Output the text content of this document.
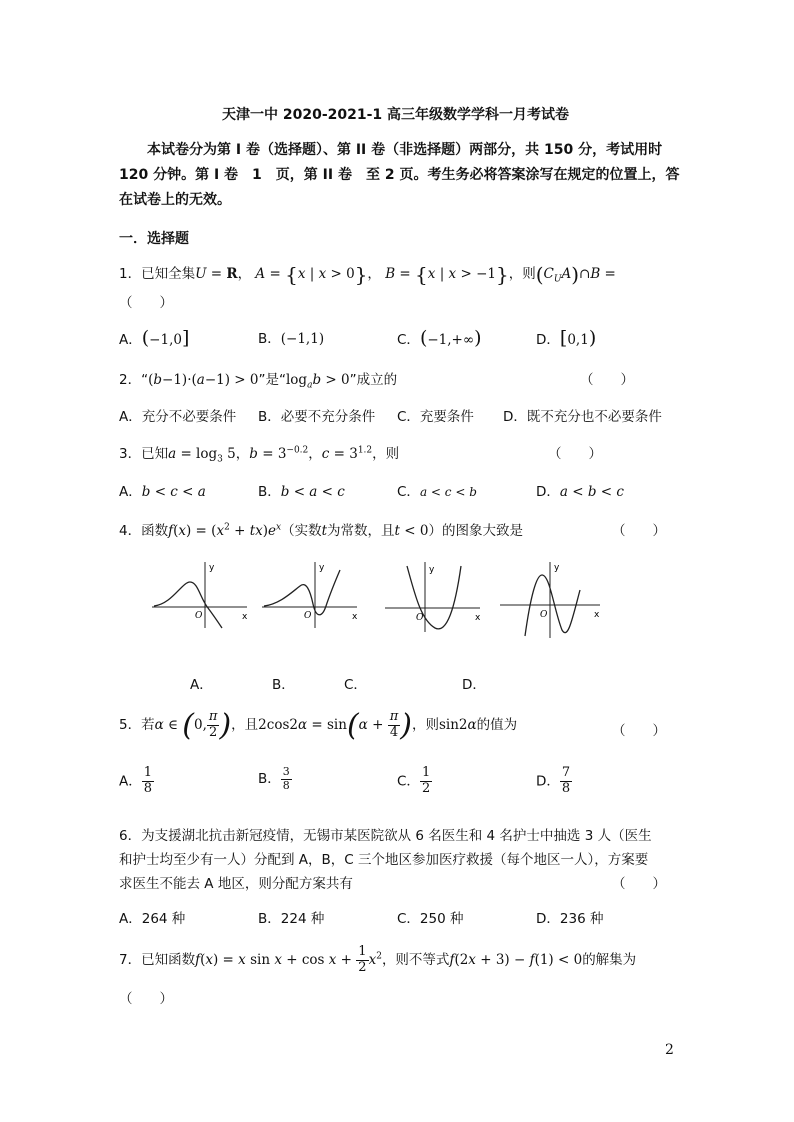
天津一中 2020-2021-1 高三年级数学学科一月考试卷
本试卷分为第 I 卷（选择题）、第 II 卷（非选择题）两部分，共 150 分，考试用时
120 分钟。第 I 卷　1　页，第 II 卷　至 2 页。考生务必将答案涂写在规定的位置上，答
在试卷上的无效。
一．选择题
1．已知全集U = R， A = {x | x > 0}， B = {x | x > −1}，则$(C_UA)\cap B$ =
（　　）
A．(−1,0]	B．(−1,1)	C．(−1,+∞)	D．[0,1)
2．“(b−1)·(a−1) > 0”是“$\log_ab > 0$”成立的	（　　）
A．充分不必要条件 B．必要不充分条件 C．充要条件 D．既不充分也不必要条件
3．已知$a = \log_3 5$，$b = 3^{-0.2}$，$c = 3^{1.2}$，则	（　　）
A．b < c < a	B．b < a < c	C．a < c < b	D．a < b < c
4．函数$f(x) = (x^2 + tx)e^x$（实数t为常数，且t < 0）的图象大致是	（　　）
y
x
O
y
x
O
y
x
O
y
x
O
A．	B．	C．	D．
5．若α ∈ (0, $\frac{\pi}{2}$ )，且$2\cos 2\alpha = \sin(\alpha + \frac{\pi}{4}$ )，则sin2α的值为	（　　）
A． $\frac{1}{8}$	B． $\frac{3}{8}$	C． $\frac{1}{2}$	D． $\frac{7}{8}$
6．为支援湖北抗击新冠疫情，无锡市某医院欲从 6 名医生和 4 名护士中抽选 3 人（医生
和护士均至少有一人）分配到 A，B，C 三个地区参加医疗救援（每个地区一人），方案要
求医生不能去 A 地区，则分配方案共有	（　　）
A．264 种	B．224 种	C．250 种	D．236 种
7．已知函数f(x) = x $\sin x + \cos x + \frac{1}{2} x^2$，则不等式f(2x + 3) − f(1) < 0的解集为
（　　）
2
